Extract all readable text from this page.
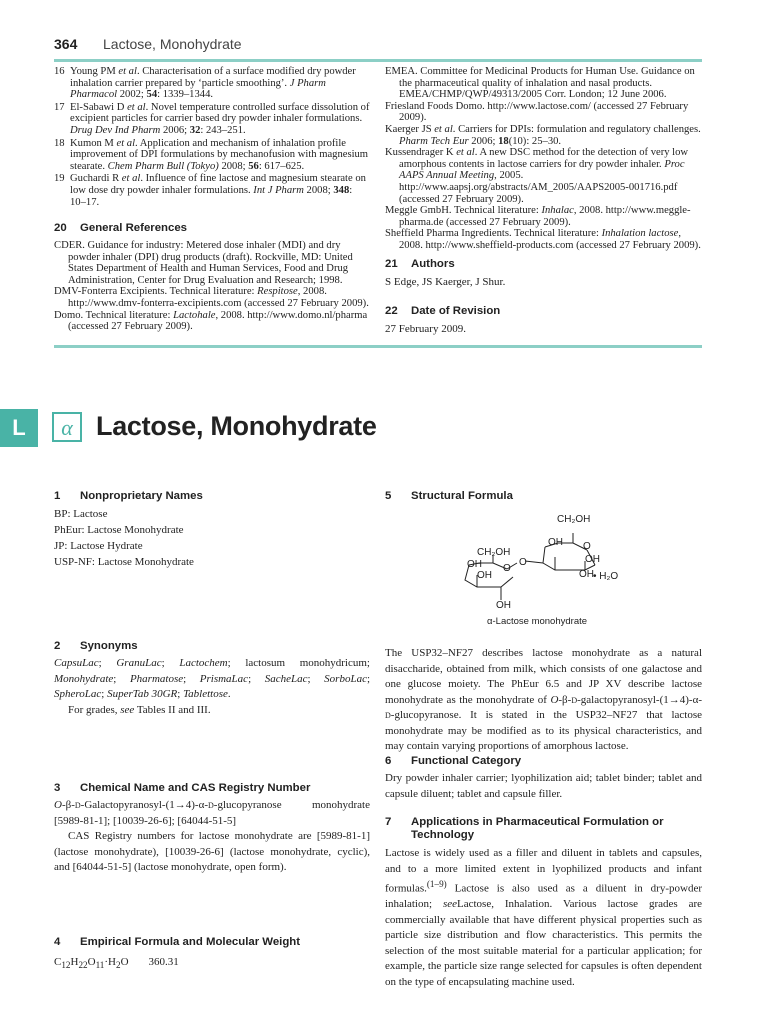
364 Lactose, Monohydrate
16 Young PM et al. Characterisation of a surface modified dry powder inhalation carrier prepared by ‘particle smoothing’. J Pharm Pharmacol 2002; 54: 1339–1344.
17 El-Sabawi D et al. Novel temperature controlled surface dissolution of excipient particles for carrier based dry powder inhaler formulations. Drug Dev Ind Pharm 2006; 32: 243–251.
18 Kumon M et al. Application and mechanism of inhalation profile improvement of DPI formulations by mechanofusion with magnesium stearate. Chem Pharm Bull (Tokyo) 2008; 56: 617–625.
19 Guchardi R et al. Influence of fine lactose and magnesium stearate on low dose dry powder inhaler formulations. Int J Pharm 2008; 348: 10–17.
20 General References
CDER. Guidance for industry: Metered dose inhaler (MDI) and dry powder inhaler (DPI) drug products (draft). Rockville, MD: United States Department of Health and Human Services, Food and Drug Administration, Center for Drug Evaluation and Research; 1998.
DMV-Fonterra Excipients. Technical literature: Respitose, 2008. http://www.dmv-fonterra-excipients.com (accessed 27 February 2009).
Domo. Technical literature: Lactohale, 2008. http://www.domo.nl/pharma (accessed 27 February 2009).
EMEA. Committee for Medicinal Products for Human Use. Guidance on the pharmaceutical quality of inhalation and nasal products. EMEA/CHMP/QWP/49313/2005 Corr. London; 12 June 2006.
Friesland Foods Domo. http://www.lactose.com/ (accessed 27 February 2009).
Kaerger JS et al. Carriers for DPIs: formulation and regulatory challenges. Pharm Tech Eur 2006; 18(10): 25–30.
Kussendrager K et al. A new DSC method for the detection of very low amorphous contents in lactose carriers for dry powder inhaler. Proc AAPS Annual Meeting, 2005. http://www.aapsj.org/abstracts/AM_2005/AAPS2005-001716.pdf (accessed 27 February 2009).
Meggle GmbH. Technical literature: Inhalac, 2008. http://www.meggle-pharma.de (accessed 27 February 2009).
Sheffield Pharma Ingredients. Technical literature: Inhalation lactose, 2008. http://www.sheffield-products.com (accessed 27 February 2009).
21 Authors
S Edge, JS Kaerger, J Shur.
22 Date of Revision
27 February 2009.
L	α Lactose, Monohydrate
1 Nonproprietary Names
BP: Lactose
PhEur: Lactose Monohydrate
JP: Lactose Hydrate
USP-NF: Lactose Monohydrate
2 Synonyms
CapsuLac; GranuLac; Lactochem; lactosum monohydricum; Monohydrate; Pharmatose; PrismaLac; SacheLac; SorboLac; SpheroLac; SuperTab 30GR; Tablettose.
For grades, see Tables II and III.
3 Chemical Name and CAS Registry Number
O-β-d-Galactopyranosyl-(1→4)-α-d-glucopyranose monohydrate [5989-81-1]; [10039-26-6]; [64044-51-5]
CAS Registry numbers for lactose monohydrate are [5989-81-1] (lactose monohydrate), [10039-26-6] (lactose monohydrate, cyclic), and [64044-51-5] (lactose monohydrate, open form).
4 Empirical Formula and Molecular Weight
$C_{12}H_{22}O_{11}\cdot H_2O$ 360.31
5 Structural Formula
CH₂OH
OH O
OH
OH • H₂O
CH₂OH
OH O
OH
O
OH
α-Lactose monohydrate
The USP32–NF27 describes lactose monohydrate as a natural disaccharide, obtained from milk, which consists of one galactose and one glucose moiety. The PhEur 6.5 and JP XV describe lactose monohydrate as the monohydrate of O-β-d-galactopyranosyl-(1→4)-α-d-glucopyranose. It is stated in the USP32–NF27 that lactose monohydrate may be modified as to its physical characteristics, and may contain varying proportions of amorphous lactose.
6 Functional Category
Dry powder inhaler carrier; lyophilization aid; tablet binder; tablet and capsule diluent; tablet and capsule filler.
7 Applications in Pharmaceutical Formulation or
Technology
Lactose is widely used as a filler and diluent in tablets and capsules, and to a more limited extent in lyophilized products and infant formulas.$^{(1-9)}$ Lactose is also used as a diluent in dry-powder inhalation; seeLactose, Inhalation. Various lactose grades are commercially available that have different physical properties such as particle size distribution and flow characteristics. This permits the selection of the most suitable material for a particular application; for example, the particle size range selected for capsules is often dependent on the type of encapsulating machine used.
